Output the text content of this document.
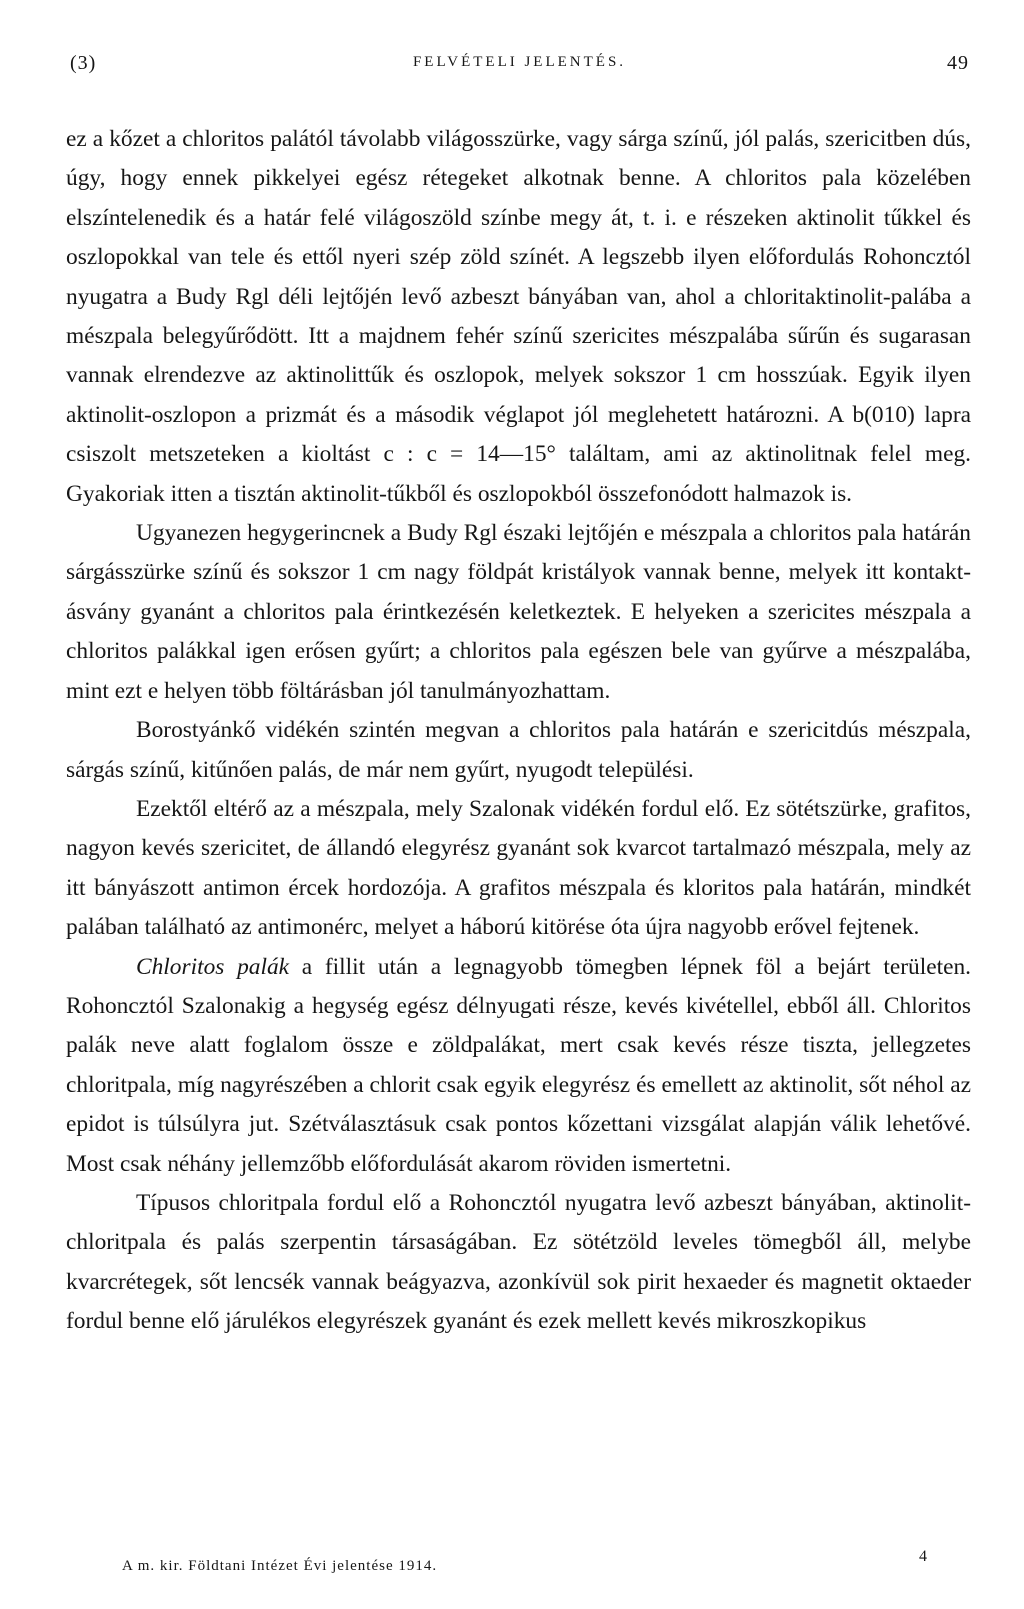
(3)	FELVÉTELI JELENTÉS.	49

ez a kőzet a chloritos palától távolabb világosszürke, vagy sárga színű, jól palás, szericitben dús, úgy, hogy ennek pikkelyei egész rétegeket alkotnak benne. A chloritos pala közelében elszíntelenedik és a határ felé világoszöld színbe megy át, t. i. e részeken aktinolit tűkkel és oszlopokkal van tele és ettől nyeri szép zöld színét. A legszebb ilyen előfordulás Rohoncztól nyugatra a Budy Rgl déli lejtőjén levő azbeszt bányában van, ahol a chloritaktinolit-palába a mészpala belegyűrődött. Itt a majdnem fehér színű szericites mészpalába sűrűn és sugarasan vannak elrendezve az aktinolittűk és oszlopok, melyek sokszor 1 cm hosszúak. Egyik ilyen aktinolit-oszlopon a prizmát és a második véglapot jól meglehetett határozni. A b(010) lapra csiszolt metszeteken a kioltást c : c = 14—15° találtam, ami az aktinolitnak felel meg. Gyakoriak itten a tisztán aktinolit-tűkből és oszlopokból összefonódott halmazok is.

Ugyanezen hegygerincnek a Budy Rgl északi lejtőjén e mészpala a chloritos pala határán sárgásszürke színű és sokszor 1 cm nagy földpát kristályok vannak benne, melyek itt kontakt-ásvány gyanánt a chloritos pala érintkezésén keletkeztek. E helyeken a szericites mészpala a chloritos palákkal igen erősen gyűrt; a chloritos pala egészen bele van gyűrve a mészpalába, mint ezt e helyen több föltárásban jól tanulmányozhattam.

Borostyánkő vidékén szintén megvan a chloritos pala határán e szericitdús mészpala, sárgás színű, kitűnően palás, de már nem gyűrt, nyugodt települési.

Ezektől eltérő az a mészpala, mely Szalonak vidékén fordul elő. Ez sötétszürke, grafitos, nagyon kevés szericitet, de állandó elegyrész gyanánt sok kvarcot tartalmazó mészpala, mely az itt bányászott antimon ércek hordozója. A grafitos mészpala és kloritos pala határán, mindkét palában található az antimonérc, melyet a háború kitörése óta újra nagyobb erővel fejtenek.

Chloritos palák a fillit után a legnagyobb tömegben lépnek föl a bejárt területen. Rohoncztól Szalonakig a hegység egész délnyugati része, kevés kivétellel, ebből áll. Chloritos palák neve alatt foglalom össze e zöldpalákat, mert csak kevés része tiszta, jellegzetes chloritpala, míg nagyrészében a chlorit csak egyik elegyrész és emellett az aktinolit, sőt néhol az epidot is túlsúlyra jut. Szétválasztásuk csak pontos kőzettani vizsgálat alapján válik lehetővé. Most csak néhány jellemzőbb előfordulását akarom röviden ismertetni.

Típusos chloritpala fordul elő a Rohoncztól nyugatra levő azbeszt bányában, aktinolit-chloritpala és palás szerpentin társaságában. Ez sötétzöld leveles tömegből áll, melybe kvarcrétegek, sőt lencsék vannak beágyazva, azonkívül sok pirit hexaeder és magnetit oktaeder fordul benne elő járulékos elegyrészek gyanánt és ezek mellett kevés mikroszkopikus

A m. kir. Földtani Intézet Évi jelentése 1914.
4
